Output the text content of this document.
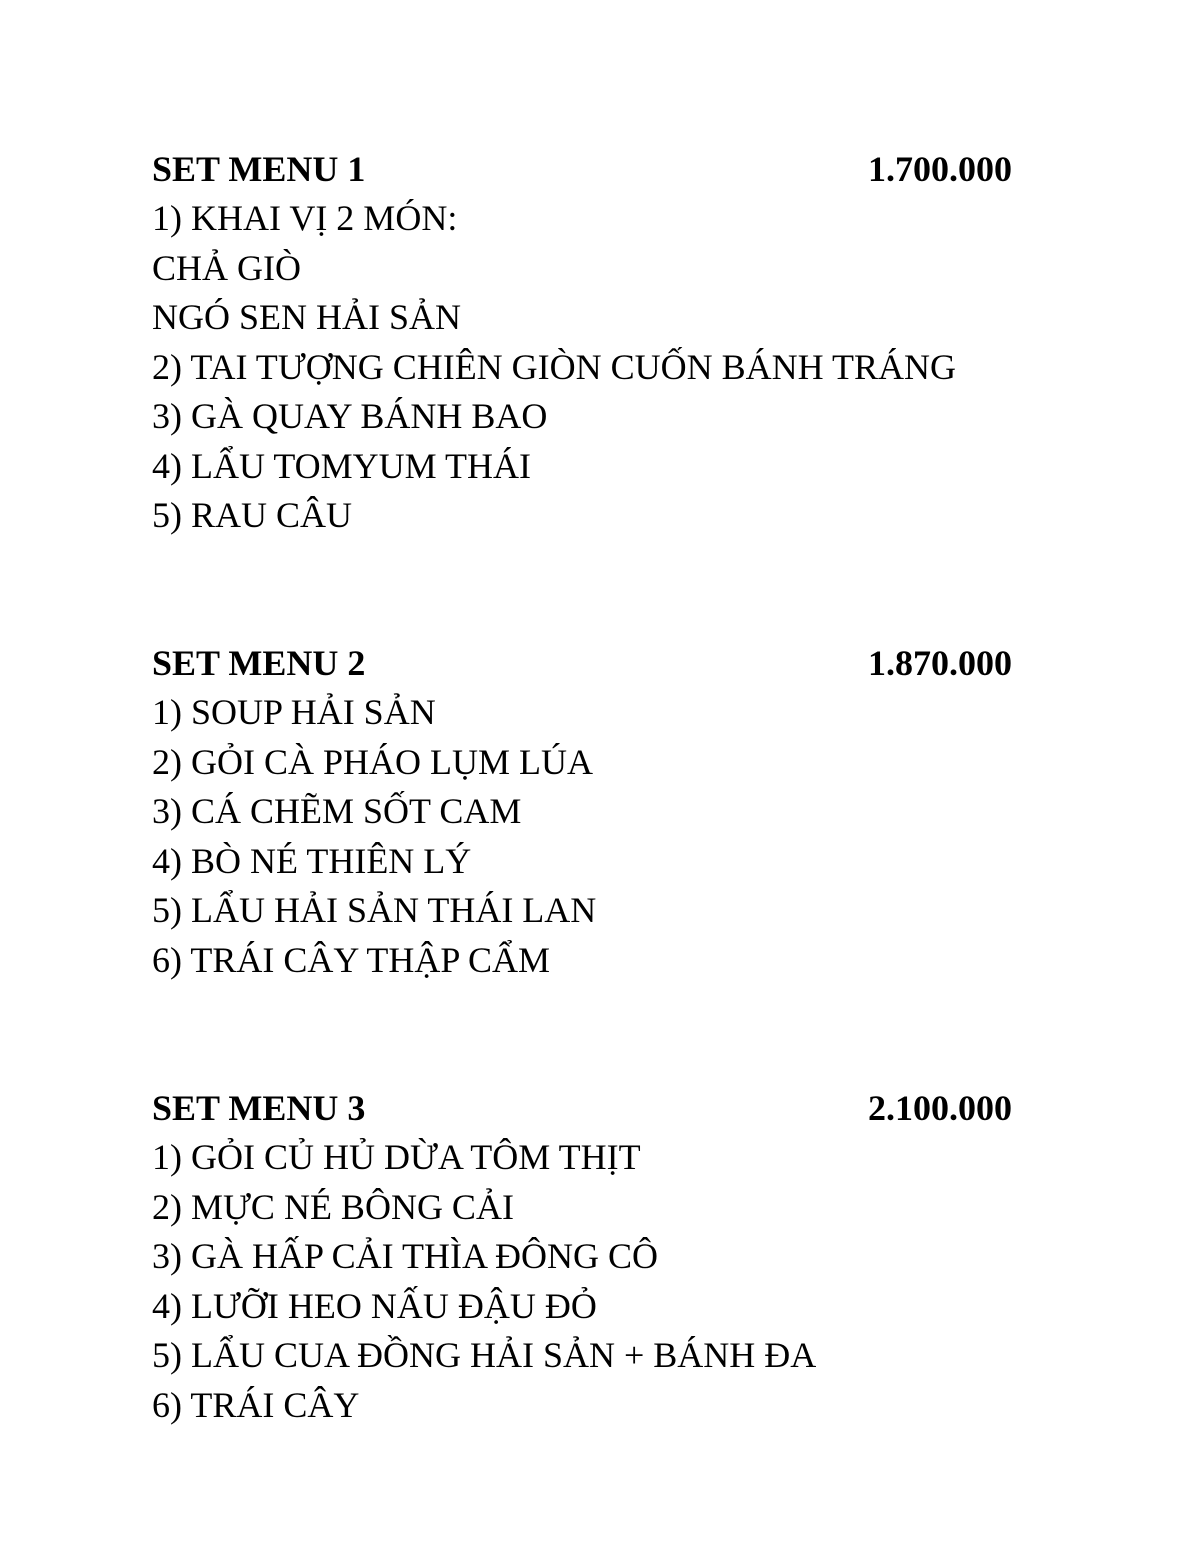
SET MENU 1	1.700.000
1) KHAI VỊ 2 MÓN:
CHẢ GIÒ
NGÓ SEN HẢI SẢN
2) TAI TƯỢNG CHIÊN GIÒN CUỐN BÁNH TRÁNG
3) GÀ QUAY BÁNH BAO
4) LẨU TOMYUM THÁI
5) RAU CÂU
SET MENU 2	1.870.000
1) SOUP HẢI SẢN
2) GỎI CÀ PHÁO LỤM LÚA
3) CÁ CHẼM SỐT CAM
4) BÒ NÉ THIÊN LÝ
5) LẨU HẢI SẢN THÁI LAN
6) TRÁI CÂY THẬP CẨM
SET MENU 3	2.100.000
1) GỎI CỦ HỦ DỪA TÔM THỊT
2) MỰC NÉ BÔNG CẢI
3) GÀ HẤP CẢI THÌA ĐÔNG CÔ
4) LƯỠI HEO NẤU ĐẬU ĐỎ
5) LẨU CUA ĐỒNG HẢI SẢN + BÁNH ĐA
6) TRÁI CÂY
